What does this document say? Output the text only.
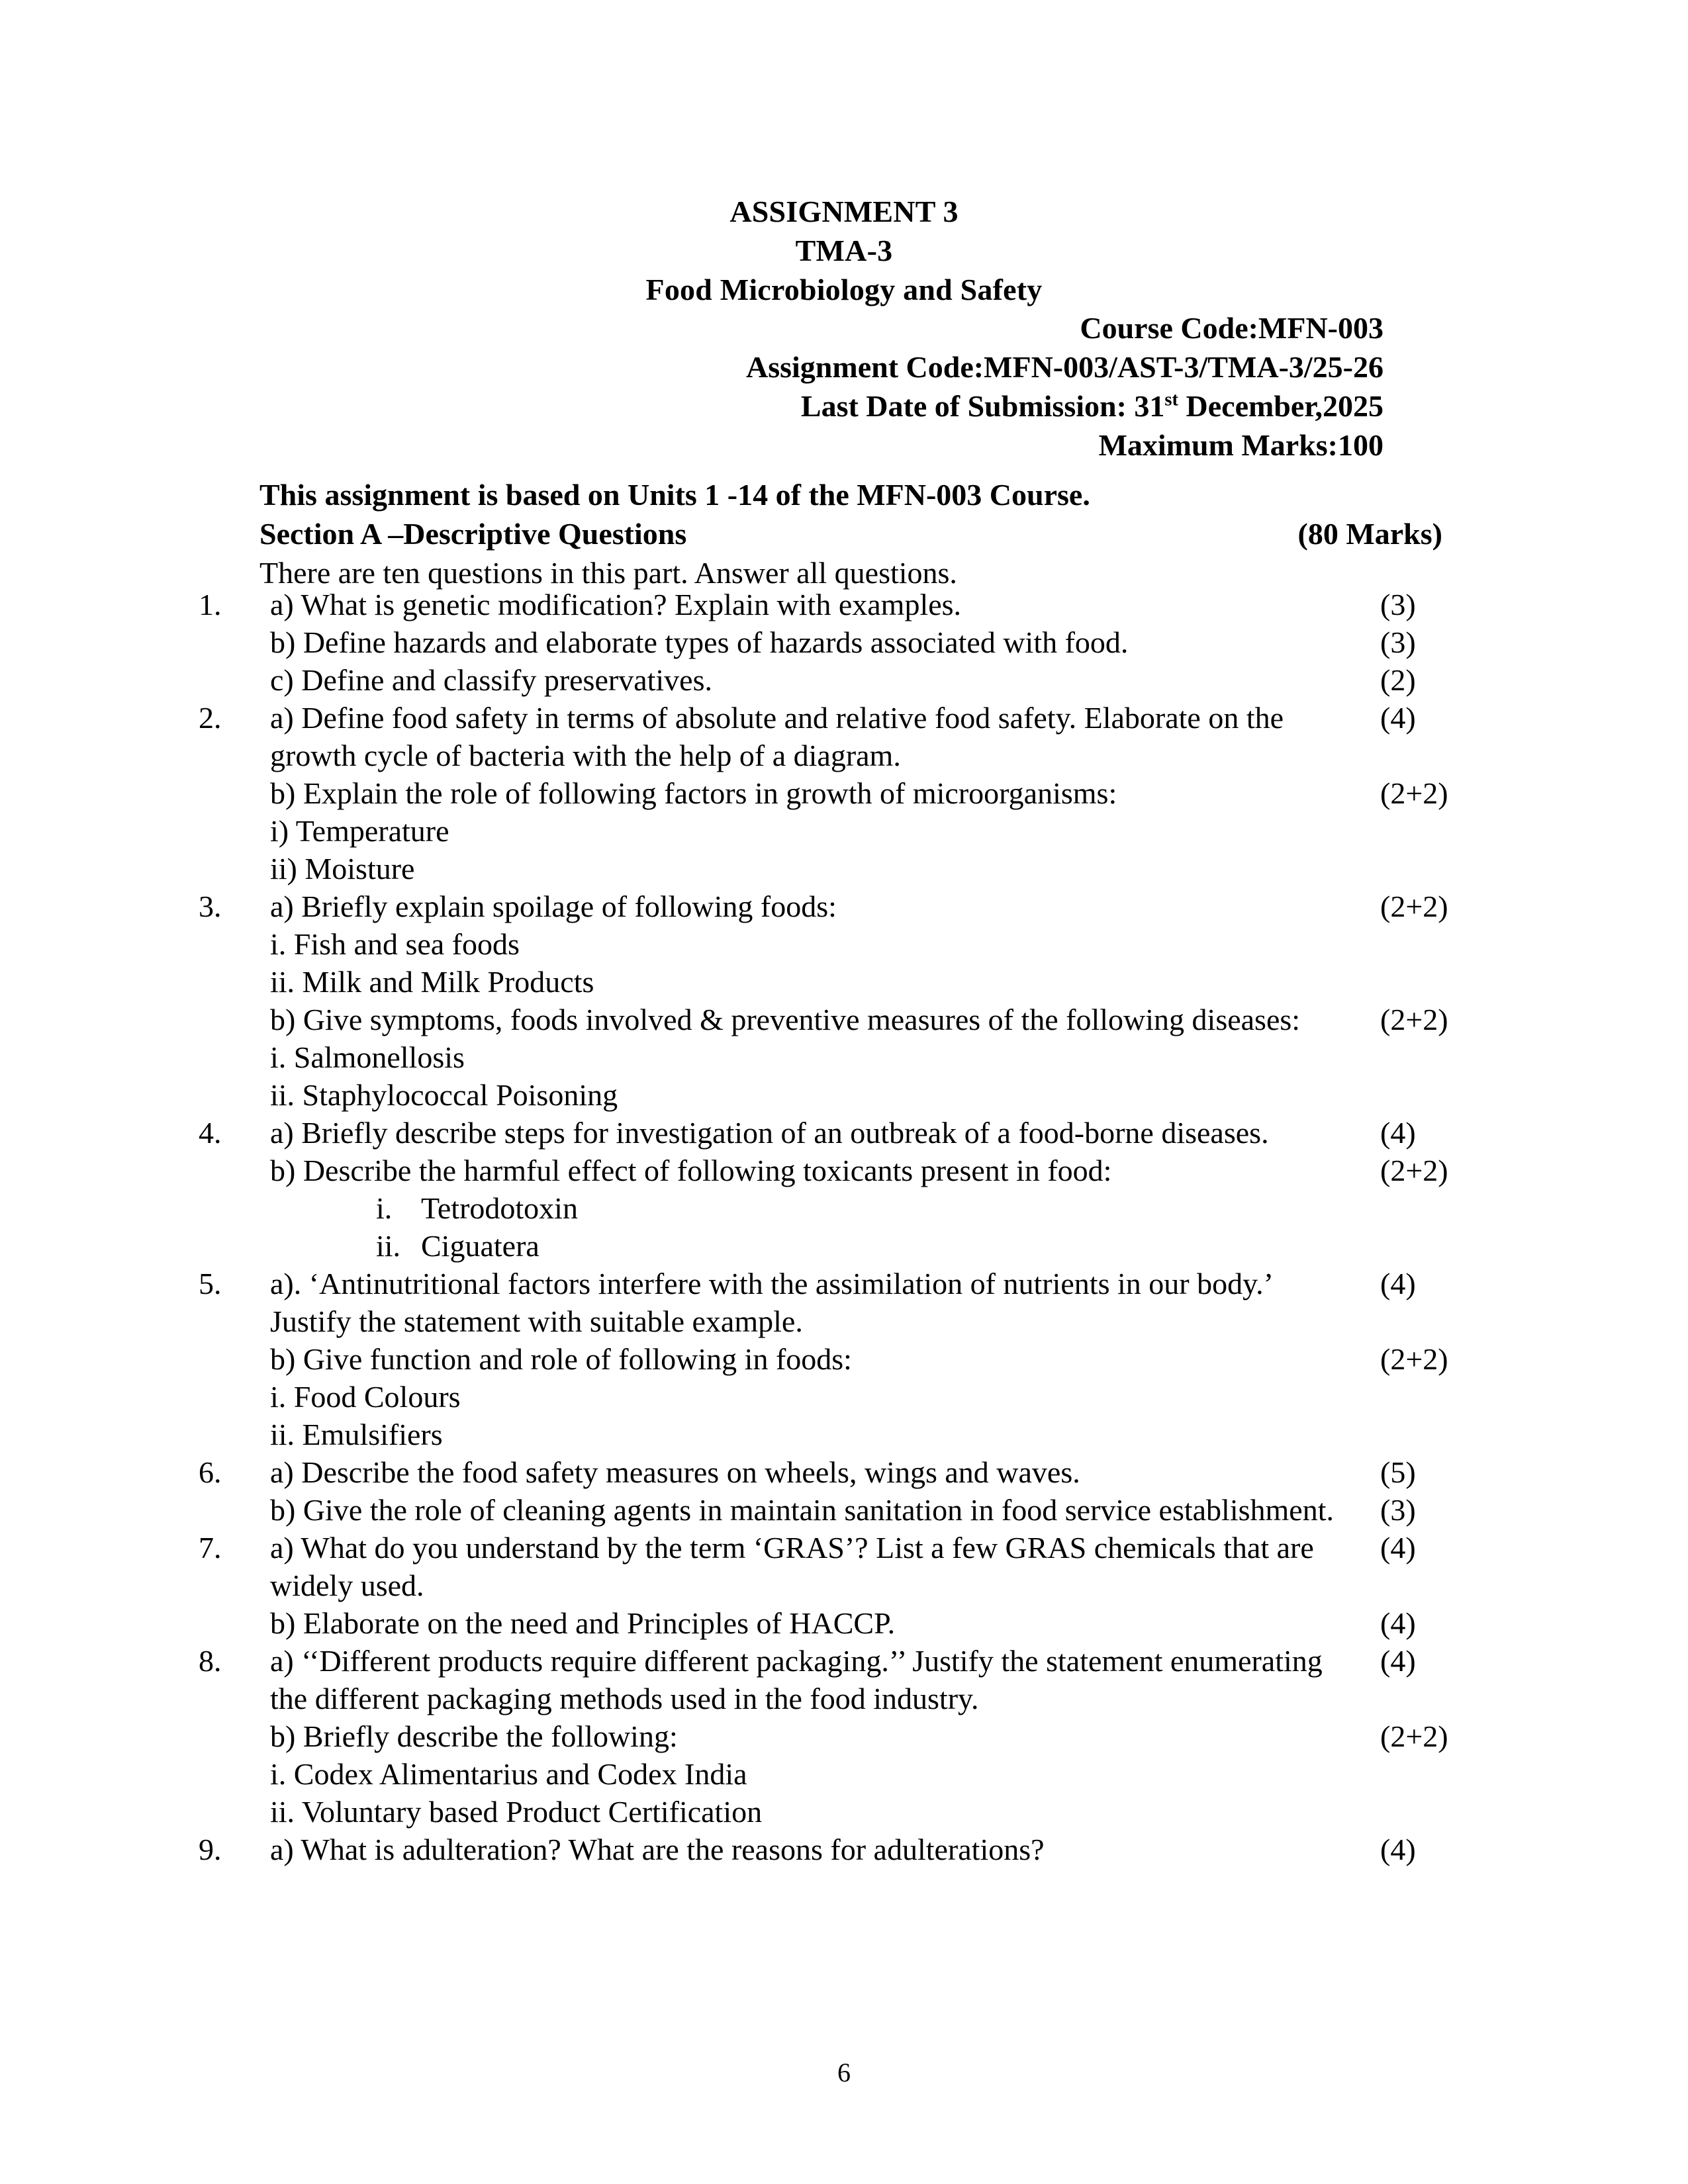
ASSIGNMENT 3
TMA-3
Food Microbiology and Safety
Course Code:MFN-003
Assignment Code:MFN-003/AST-3/TMA-3/25-26
Last Date of Submission: 31st December,2025
Maximum Marks:100
This assignment is based on Units 1 -14 of the MFN-003 Course.
Section A –Descriptive Questions	(80 Marks)
There are ten questions in this part. Answer all questions.
1.	a) What is genetic modification? Explain with examples.	(3)
b) Define hazards and elaborate types of hazards associated with food.	(3)
c) Define and classify preservatives.	(2)
2.	a) Define food safety in terms of absolute and relative food safety. Elaborate on the growth cycle of bacteria with the help of a diagram.
(4)
b) Explain the role of following factors in growth of microorganisms:	(2+2)
i) Temperature
ii) Moisture
3.	a) Briefly explain spoilage of following foods:	(2+2)
i. Fish and sea foods
ii. Milk and Milk Products
b) Give symptoms, foods involved & preventive measures of the following diseases:	(2+2)
i. Salmonellosis
ii. Staphylococcal Poisoning
4.	a) Briefly describe steps for investigation of an outbreak of a food-borne diseases.	(4)
b) Describe the harmful effect of following toxicants present in food:	(2+2)
i. Tetrodotoxin
ii. Ciguatera
5.	a). ‘Antinutritional factors interfere with the assimilation of nutrients in our body.’ Justify the statement with suitable example.
(4)
b) Give function and role of following in foods:	(2+2)
i. Food Colours
ii. Emulsifiers
6.	a) Describe the food safety measures on wheels, wings and waves.	(5)
b) Give the role of cleaning agents in maintain sanitation in food service establishment.	(3)
7.	a) What do you understand by the term ‘GRAS’? List a few GRAS chemicals that are widely used.
(4)
b) Elaborate on the need and Principles of HACCP.	(4)
8.	a) ‘‘Different products require different packaging.’’ Justify the statement enumerating the different packaging methods used in the food industry.
(4)
b) Briefly describe the following:	(2+2)
i. Codex Alimentarius and Codex India
ii. Voluntary based Product Certification
9.	a) What is adulteration? What are the reasons for adulterations?	(4)
6
